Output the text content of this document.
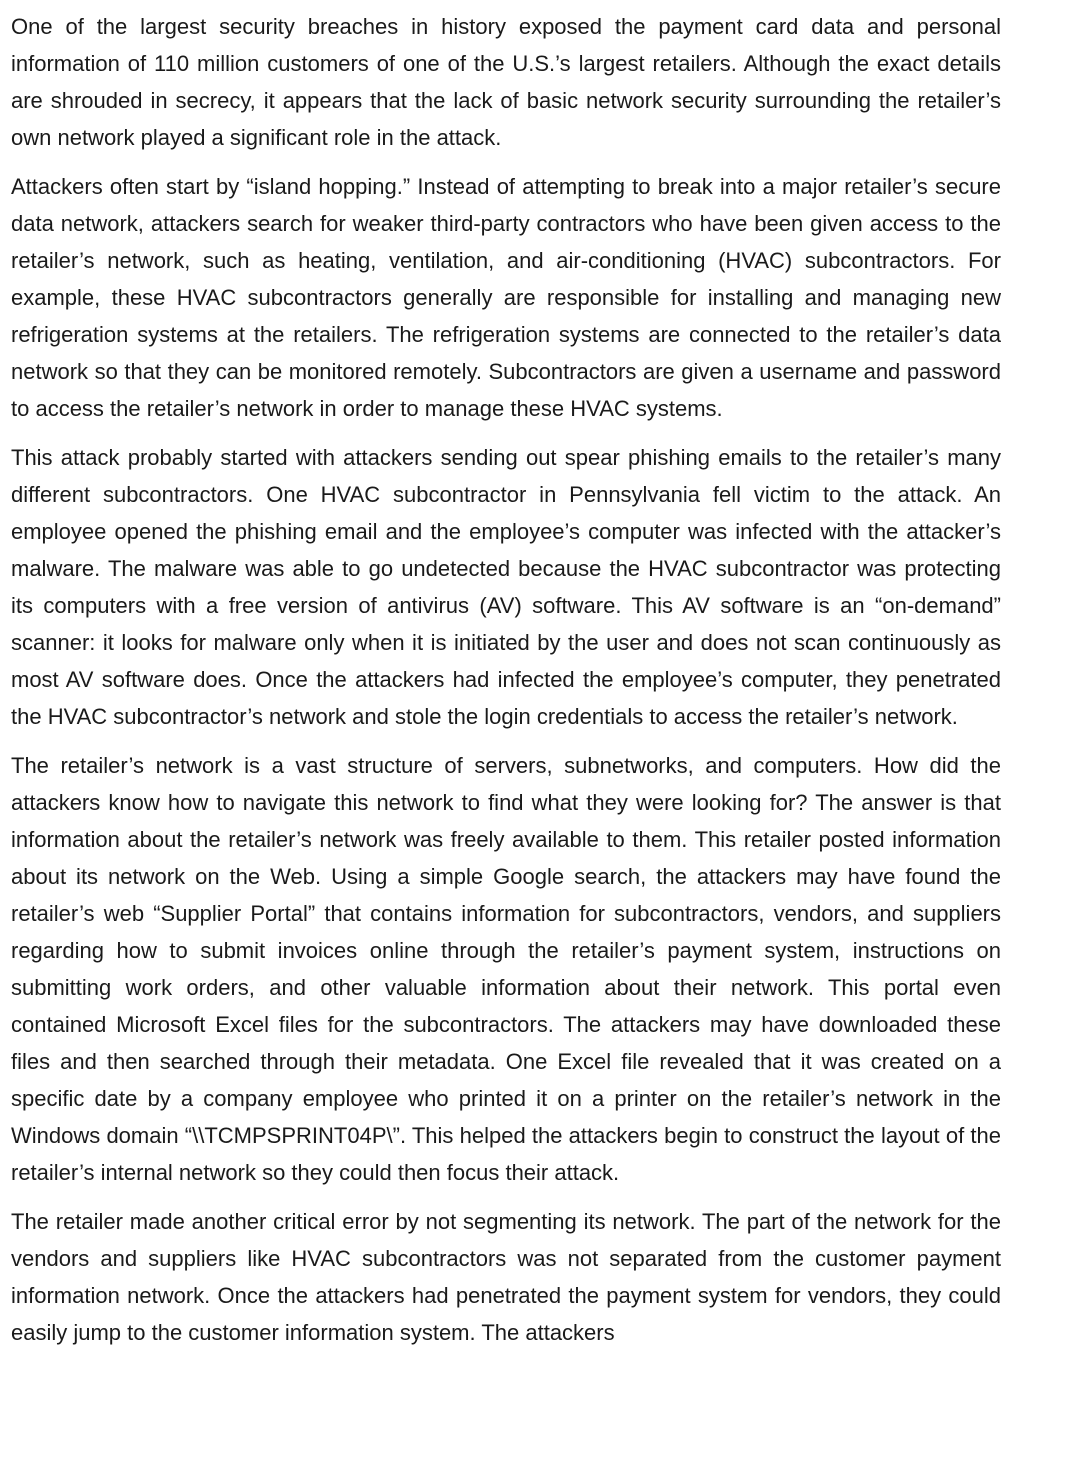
One of the largest security breaches in history exposed the payment card data and personal information of 110 million customers of one of the U.S.’s largest retailers. Although the exact details are shrouded in secrecy, it appears that the lack of basic network security surrounding the retailer’s own network played a significant role in the attack.

Attackers often start by “island hopping.” Instead of attempting to break into a major retailer’s secure data network, attackers search for weaker third-party contractors who have been given access to the retailer’s network, such as heating, ventilation, and air-conditioning (HVAC) subcontractors. For example, these HVAC subcontractors generally are responsible for installing and managing new refrigeration systems at the retailers. The refrigeration systems are connected to the retailer’s data network so that they can be monitored remotely. Subcontractors are given a username and password to access the retailer’s network in order to manage these HVAC systems.

This attack probably started with attackers sending out spear phishing emails to the retailer’s many different subcontractors. One HVAC subcontractor in Pennsylvania fell victim to the attack. An employee opened the phishing email and the employee’s computer was infected with the attacker’s malware. The malware was able to go undetected because the HVAC subcontractor was protecting its computers with a free version of antivirus (AV) software. This AV software is an “on-demand” scanner: it looks for malware only when it is initiated by the user and does not scan continuously as most AV software does. Once the attackers had infected the employee’s computer, they penetrated the HVAC subcontractor’s network and stole the login credentials to access the retailer’s network.

The retailer’s network is a vast structure of servers, subnetworks, and computers. How did the attackers know how to navigate this network to find what they were looking for? The answer is that information about the retailer’s network was freely available to them. This retailer posted information about its network on the Web. Using a simple Google search, the attackers may have found the retailer’s web “Supplier Portal” that contains information for subcontractors, vendors, and suppliers regarding how to submit invoices online through the retailer’s payment system, instructions on submitting work orders, and other valuable information about their network. This portal even contained Microsoft Excel files for the subcontractors. The attackers may have downloaded these files and then searched through their metadata. One Excel file revealed that it was created on a specific date by a company employee who printed it on a printer on the retailer’s network in the Windows domain “\\TCMPSPRINT04P\”. This helped the attackers begin to construct the layout of the retailer’s internal network so they could then focus their attack.

The retailer made another critical error by not segmenting its network. The part of the network for the vendors and suppliers like HVAC subcontractors was not separated from the customer payment information network. Once the attackers had penetrated the payment system for vendors, they could easily jump to the customer information system. The attackers
